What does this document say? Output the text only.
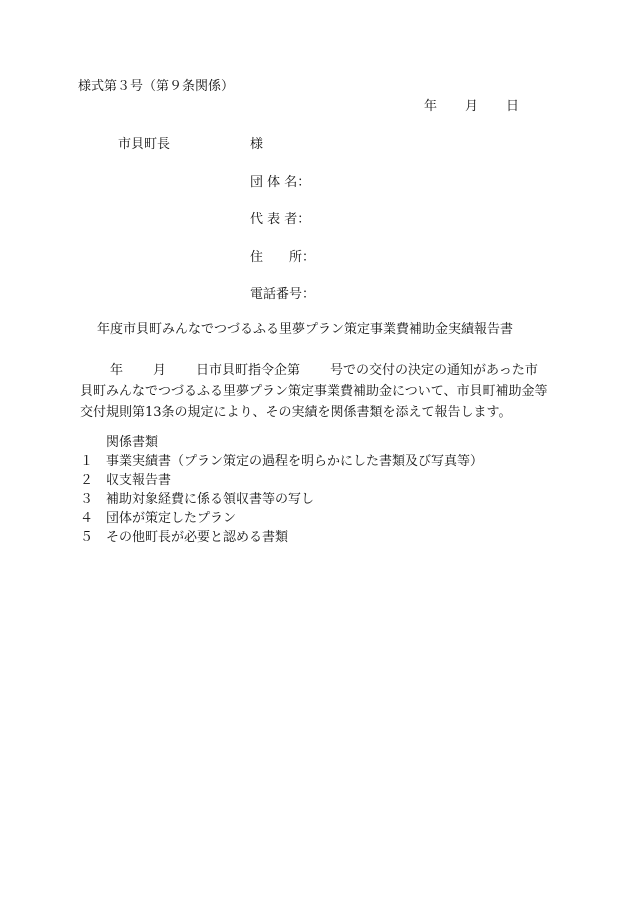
様式第３号（第９条関係）
年 月 日
市貝町長	様
団 体 名：
代 表 者：
住　　所：
電話番号：
年度市貝町みんなでつづるふる里夢プラン策定事業費補助金実績報告書
年 月 日市貝町指令企第 号での交付の決定の通知があった市貝町みんなでつづるふる里夢プラン策定事業費補助金について、市貝町補助金等交付規則第13条の規定により、その実績を関係書類を添えて報告します。
関係書類
１ 事業実績書（プラン策定の過程を明らかにした書類及び写真等）
２ 収支報告書
３ 補助対象経費に係る領収書等の写し
４ 団体が策定したプラン
５ その他町長が必要と認める書類
